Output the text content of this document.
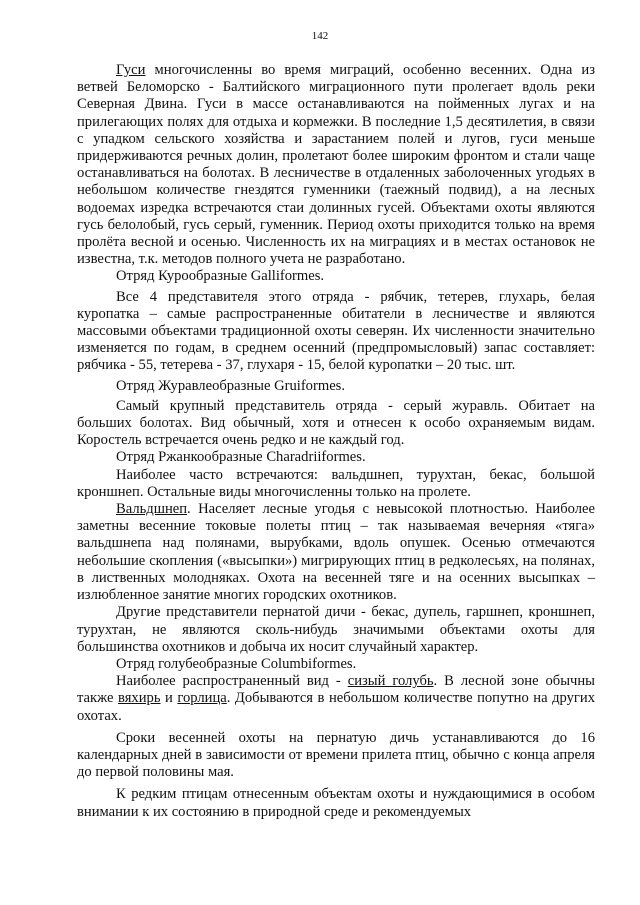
142

Гуси многочисленны во время миграций, особенно весенних. Одна из ветвей Беломорско - Балтийского миграционного пути пролегает вдоль реки Северная Двина. Гуси в массе останавливаются на пойменных лугах и на прилегающих полях для отдыха и кормежки. В последние 1,5 десятилетия, в связи с упадком сельского хозяйства и зарастанием полей и лугов, гуси меньше придерживаются речных долин, пролетают более широким фронтом и стали чаще останавливаться на болотах. В лесничестве в отдаленных заболоченных угодьях в небольшом количестве гнездятся гуменники (таежный подвид), а на лесных водоемах изредка встречаются стаи долинных гусей. Объектами охоты являются гусь белолобый, гусь серый, гуменник. Период охоты приходится только на время пролёта весной и осенью. Численность их на миграциях и в местах остановок не известна, т.к. методов полного учета не разработано.

Отряд Курообразные Galliformes.

Все 4 представителя этого отряда - рябчик, тетерев, глухарь, белая куропатка – самые распространенные обитатели в лесничестве и являются массовыми объектами традиционной охоты северян. Их численности значительно изменяется по годам, в среднем осенний (предпромысловый) запас составляет: рябчика - 55, тетерева - 37, глухаря - 15, белой куропатки – 20 тыс. шт.

Отряд Журавлеобразные Gruiformes.

Самый крупный представитель отряда - серый журавль. Обитает на больших болотах. Вид обычный, хотя и отнесен к особо охраняемым видам. Коростель встречается очень редко и не каждый год.

Отряд Ржанкообразные Charadriiformes.

Наиболее часто встречаются: вальдшнеп, турухтан, бекас, большой кроншнеп. Остальные виды многочисленны только на пролете.

Вальдшнеп. Населяет лесные угодья с невысокой плотностью. Наиболее заметны весенние токовые полеты птиц – так называемая вечерняя «тяга» вальдшнепа над полянами, вырубками, вдоль опушек. Осенью отмечаются небольшие скопления («высыпки») мигрирующих птиц в редколесьях, на полянах, в лиственных молодняках. Охота на весенней тяге и на осенних высыпках – излюбленное занятие многих городских охотников.

Другие представители пернатой дичи - бекас, дупель, гаршнеп, кроншнеп, турухтан, не являются сколь-нибудь значимыми объектами охоты для большинства охотников и добыча их носит случайный характер.

Отряд голубеобразные Columbiformes.

Наиболее распространенный вид - сизый голубь. В лесной зоне обычны также вяхирь и горлица. Добываются в небольшом количестве попутно на других охотах.

Сроки весенней охоты на пернатую дичь устанавливаются до 16 календарных дней в зависимости от времени прилета птиц, обычно с конца апреля до первой половины мая.

К редким птицам отнесенным объектам охоты и нуждающимися в особом внимании к их состоянию в природной среде и рекомендуемых
